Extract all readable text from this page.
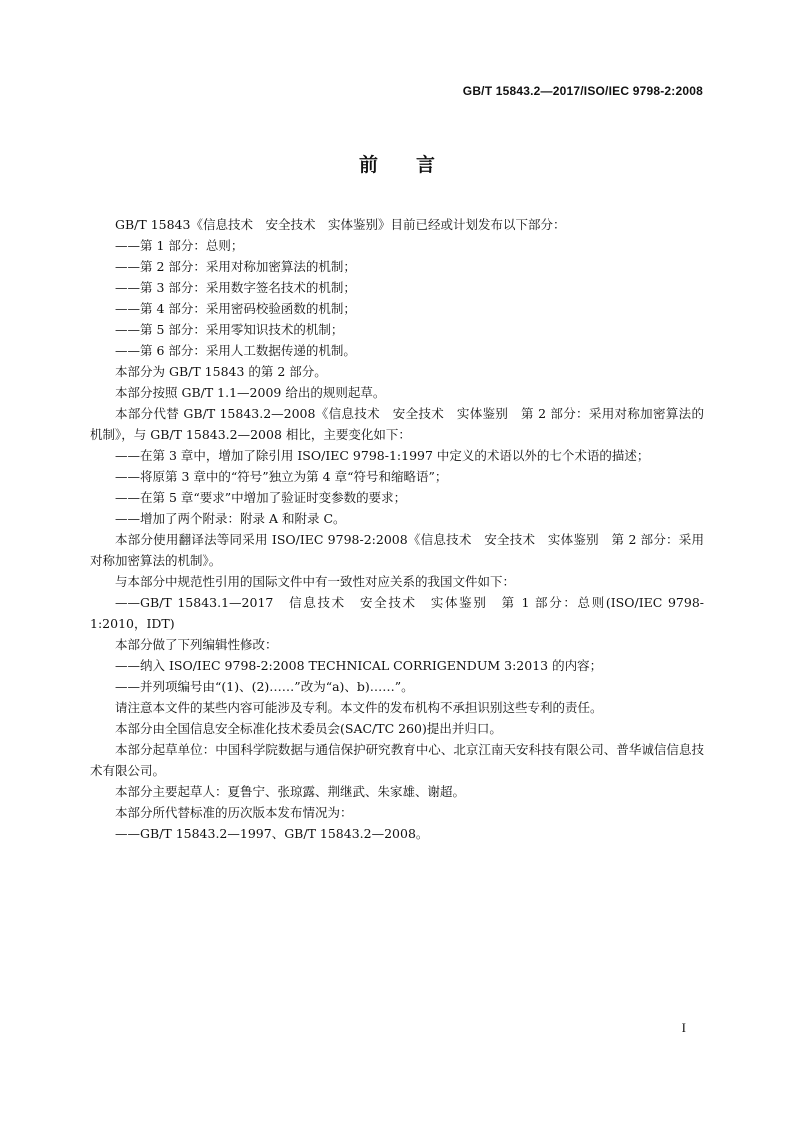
GB/T 15843.2—2017/ISO/IEC 9798-2:2008
前言

GB/T 15843《信息技术　安全技术　实体鉴别》目前已经或计划发布以下部分：

——第 1 部分：总则；

——第 2 部分：采用对称加密算法的机制；

——第 3 部分：采用数字签名技术的机制；

——第 4 部分：采用密码校验函数的机制；

——第 5 部分：采用零知识技术的机制；

——第 6 部分：采用人工数据传递的机制。

本部分为 GB/T 15843 的第 2 部分。

本部分按照 GB/T 1.1—2009 给出的规则起草。

本部分代替 GB/T 15843.2—2008《信息技术　安全技术　实体鉴别　第 2 部分：采用对称加密算法的机制》，与 GB/T 15843.2—2008 相比，主要变化如下：

——在第 3 章中，增加了除引用 ISO/IEC 9798-1:1997 中定义的术语以外的七个术语的描述；

——将原第 3 章中的“符号”独立为第 4 章“符号和缩略语”；

——在第 5 章“要求”中增加了验证时变参数的要求；

——增加了两个附录：附录 A 和附录 C。

本部分使用翻译法等同采用 ISO/IEC 9798-2:2008《信息技术　安全技术　实体鉴别　第 2 部分：采用对称加密算法的机制》。

与本部分中规范性引用的国际文件中有一致性对应关系的我国文件如下：

——GB/T 15843.1—2017　信息技术　安全技术　实体鉴别　第 1 部分：总则(ISO/IEC 9798-1:2010，IDT)

本部分做了下列编辑性修改：

——纳入 ISO/IEC 9798-2:2008 TECHNICAL CORRIGENDUM 3:2013 的内容；

——并列项编号由“(1)、(2)……”改为“a)、b)……”。

请注意本文件的某些内容可能涉及专利。本文件的发布机构不承担识别这些专利的责任。

本部分由全国信息安全标准化技术委员会(SAC/TC 260)提出并归口。

本部分起草单位：中国科学院数据与通信保护研究教育中心、北京江南天安科技有限公司、普华诚信信息技术有限公司。

本部分主要起草人：夏鲁宁、张琼露、荆继武、朱家雄、谢超。

本部分所代替标准的历次版本发布情况为：

——GB/T 15843.2—1997、GB/T 15843.2—2008。

I
